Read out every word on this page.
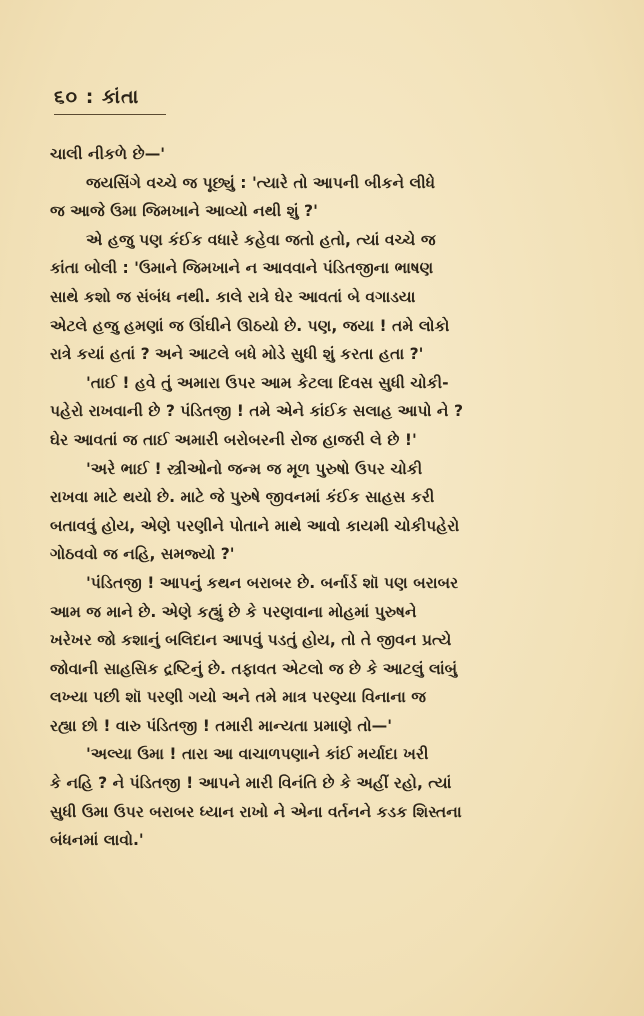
૬૦ : કાંતા
ચાલી નીકળે છે—'
જયસિંગે વચ્ચે જ પૂછ્યું : 'ત્યારે તો આપની બીકને લીધે
જ આજે ઉમા જિમખાને આવ્યો નથી શું ?'
એ હજુ પણ કંઈક વધારે કહેવા જતો હતો, ત્યાં વચ્ચે જ
કાંતા બોલી : 'ઉમાને જિમખાને ન આવવાને પંડિતજીના ભાષણ
સાથે કશો જ સંબંધ નથી. કાલે રાત્રે ઘેર આવતાં બે વગાડયા
એટલે હજુ હમણાં જ ઊંઘીને ઊઠયો છે. પણ, જયા ! તમે લોકો
રાત્રે કયાં હતાં ? અને આટલે બધે મોડે સુધી શું કરતા હતા ?'
'તાઈ ! હવે તું અમારા ઉપર આમ કેટલા દિવસ સુધી ચોકી-
પહેરો રાખવાની છે ? પંડિતજી ! તમે એને કાંઈક સલાહ આપો ને ?
ઘેર આવતાં જ તાઈ અમારી બરોબરની રોજ હાજરી લે છે !'
'અરે ભાઈ ! સ્ત્રીઓનો જન્મ જ મૂળ પુરુષો ઉપર ચોકી
રાખવા માટે થયો છે. માટે જે પુરુષે જીવનમાં કંઈક સાહસ કરી
બતાવવું હોય, એણે પરણીને પોતાને માથે આવો કાયમી ચોકીપહેરો
ગોઠવવો જ નહિ, સમજ્યો ?'
'પંડિતજી ! આપનું કથન બરાબર છે. બર્નાર્ડ શૉ પણ બરાબર
આમ જ માને છે. એણે કહ્યું છે કે પરણવાના મોહમાં પુરુષને
ખરેખર જો કશાનું બલિદાન આપવું પડતું હોય, તો તે જીવન પ્રત્યે
જોવાની સાહસિક દ્રષ્ટિનું છે. તફાવત એટલો જ છે કે આટલું લાંબું
લખ્યા પછી શૉ પરણી ગયો અને તમે માત્ર પરણ્યા વિનાના જ
રહ્યા છો ! વારુ પંડિતજી ! તમારી માન્યતા પ્રમાણે તો—'
'અલ્યા ઉમા ! તારા આ વાચાળપણાને કાંઈ મર્યાદા ખરી
કે નહિ ? ને પંડિતજી ! આપને મારી વિનંતિ છે કે અહીં રહો, ત્યાં
સુધી ઉમા ઉપર બરાબર ધ્યાન રાખો ને એના વર્તનને કડક શિસ્તના
બંધનમાં લાવો.'
